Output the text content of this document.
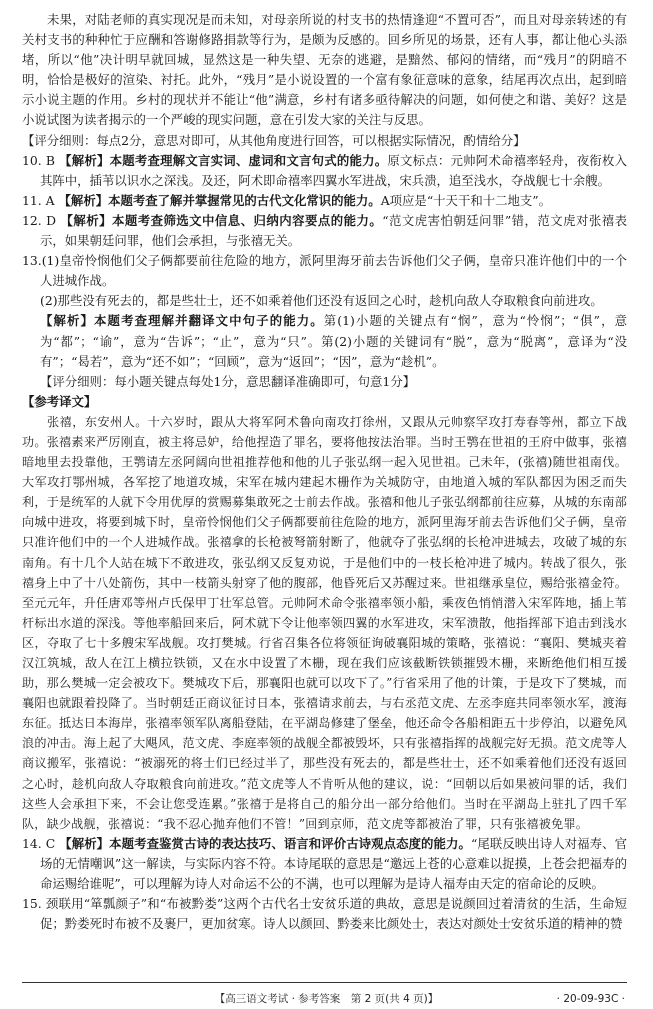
未果，对陆老师的真实现况是而未知，对母亲所说的村支书的热情逢迎“不置可否”，而且对母亲转述的有关村支书的种种忙于应酬和答谢修路捐款等行为，是颇为反感的。回乡所见的场景，还有人事，都让他心头添堵，所以“他”决计明早就回城，显然这是一种失望、无奈的逃避，是黯然、郁闷的情绪，而“残月”的阴暗不明，恰恰是极好的渲染、衬托。此外，“残月”是小说设置的一个富有象征意味的意象，结尾再次点出，起到暗示小说主题的作用。乡村的现状并不能让“他”满意，乡村有诸多亟待解决的问题，如何使之和谐、美好？这是小说试图为读者揭示的一个严峻的现实问题，意在引发大家的关注与反思。

【评分细则：每点2分，意思对即可，从其他角度进行回答，可以根据实际情况，酌情给分】

10. B 【解析】本题考查理解文言实词、虚词和文言句式的能力。原文标点：元帅阿术命禧率轻舟，夜衔枚入其阵中，插苇以识水之深浅。及还，阿术即命禧率四翼水军进战，宋兵溃，追至浅水，夺战舰七十余艘。

11. A 【解析】本题考查了解并掌握常见的古代文化常识的能力。A项应是“十天干和十二地支”。

12. D 【解析】本题考查筛选文中信息、归纳内容要点的能力。“范文虎害怕朝廷问罪”错，范文虎对张禧表示，如果朝廷问罪，他们会承担，与张禧无关。

13.(1)皇帝怜悯他们父子俩都要前往危险的地方，派阿里海牙前去告诉他们父子俩，皇帝只准许他们中的一个人进城作战。

(2)那些没有死去的，都是些壮士，还不如乘着他们还没有返回之心时，趁机向敌人夺取粮食向前进攻。

【解析】本题考查理解并翻译文中句子的能力。第(1)小题的关键点有“悯”，意为“怜悯”；“俱”，意为“都”；“谕”，意为“告诉”；“止”，意为“只”。第(2)小题的关键词有“脱”，意为“脱离”，意译为“没有”；“曷若”，意为“还不如”；“回顾”，意为“返回”；“因”，意为“趁机”。

【评分细则：每小题关键点每处1分，意思翻译准确即可，句意1分】

【参考译文】

张禧，东安州人。十六岁时，跟从大将军阿术鲁向南攻打徐州，又跟从元帅察罕攻打寿春等州，都立下战功。张禧素来严厉刚直，被主将忌妒，给他捏造了罪名，要将他按法治罪。当时王鹗在世祖的王府中做事，张禧暗地里去投靠他，王鹗请左丞阿阔向世祖推荐他和他的儿子张弘纲一起入见世祖。己未年，(张禧)随世祖南伐。大军攻打鄂州城，各军挖了地道攻城，宋军在城内建起木栅作为关城防守，由地道入城的军队都因为困乏而失利，于是统军的人就下令用优厚的赏赐募集敢死之士前去作战。张禧和他儿子张弘纲都前往应募，从城的东南部向城中进攻，将要到城下时，皇帝怜悯他们父子俩都要前往危险的地方，派阿里海牙前去告诉他们父子俩，皇帝只准许他们中的一个人进城作战。张禧拿的长枪被弩箭射断了，他就夺了张弘纲的长枪冲进城去，攻破了城的东南角。有十几个人站在城下不敢进攻，张弘纲又反复劝说，于是他们中的一枝长枪冲进了城内。转战了很久，张禧身上中了十八处箭伤，其中一枝箭头射穿了他的腹部，他昏死后又苏醒过来。世祖继承皇位，赐给张禧金符。至元元年，升任唐邓等州卢氏保甲丁壮军总管。元帅阿术命令张禧率领小船，乘夜色悄悄潜入宋军阵地，插上苇杆标出水道的深浅。等他率船回来后，阿术就下令让他率领四翼的水军进攻，宋军溃散，他指挥部下追击到浅水区，夺取了七十多艘宋军战舰。攻打樊城。行省召集各位将领征询破襄阳城的策略，张禧说：“襄阳、樊城夹着汉江筑城，敌人在江上横拉铁锁，又在水中设置了木栅，现在我们应该截断铁锁摧毁木栅，来断绝他们相互援助，那么樊城一定会被攻下。樊城攻下后，那襄阳也就可以攻下了。”行省采用了他的计策，于是攻下了樊城，而襄阳也就跟着投降了。当时朝廷正商议征讨日本，张禧请求前去，与右丞范文虎、左丞李庭共同率领水军，渡海东征。抵达日本海岸，张禧率领军队离船登陆，在平湖岛修建了堡垒，他还命令各船相距五十步停泊，以避免风浪的冲击。海上起了大飓风，范文虎、李庭率领的战舰全都被毁坏，只有张禧指挥的战舰完好无损。范文虎等人商议搬军，张禧说：“被溺死的将士们已经过半了，那些没有死去的，都是些壮士，还不如乘着他们还没有返回之心时，趁机向敌人夺取粮食向前进攻。”范文虎等人不肯听从他的建议，说：“回朝以后如果被问罪的话，我们这些人会承担下来，不会让您受连累。”张禧于是将自己的船分出一部分给他们。当时在平湖岛上驻扎了四千军队，缺少战舰，张禧说：“我不忍心抛弃他们不管！”回到京师，范文虎等都被治了罪，只有张禧被免罪。

14. C 【解析】本题考查鉴赏古诗的表达技巧、语言和评价古诗观点态度的能力。“尾联反映出诗人对福寿、官场的无情嘲讽”这一解读，与实际内容不符。本诗尾联的意思是“邀远上苍的心意难以捉摸，上苍会把福寿的命运赐给谁呢”，可以理解为诗人对命运不公的不满，也可以理解为是诗人福寿由天定的宿命论的反映。

15. 颈联用“箪瓢颜子”和“布被黔娄”这两个古代名士安贫乐道的典故，意思是说颜回过着清贫的生活，生命短促；黔娄死时布被不及裹尸，更加贫寒。诗人以颜回、黔娄来比颜处士，表达对颜处士安贫乐道的精神的赞

【高三语文考试 · 参考答案　第 2 页(共 4 页)】	· 20-09-93C ·
